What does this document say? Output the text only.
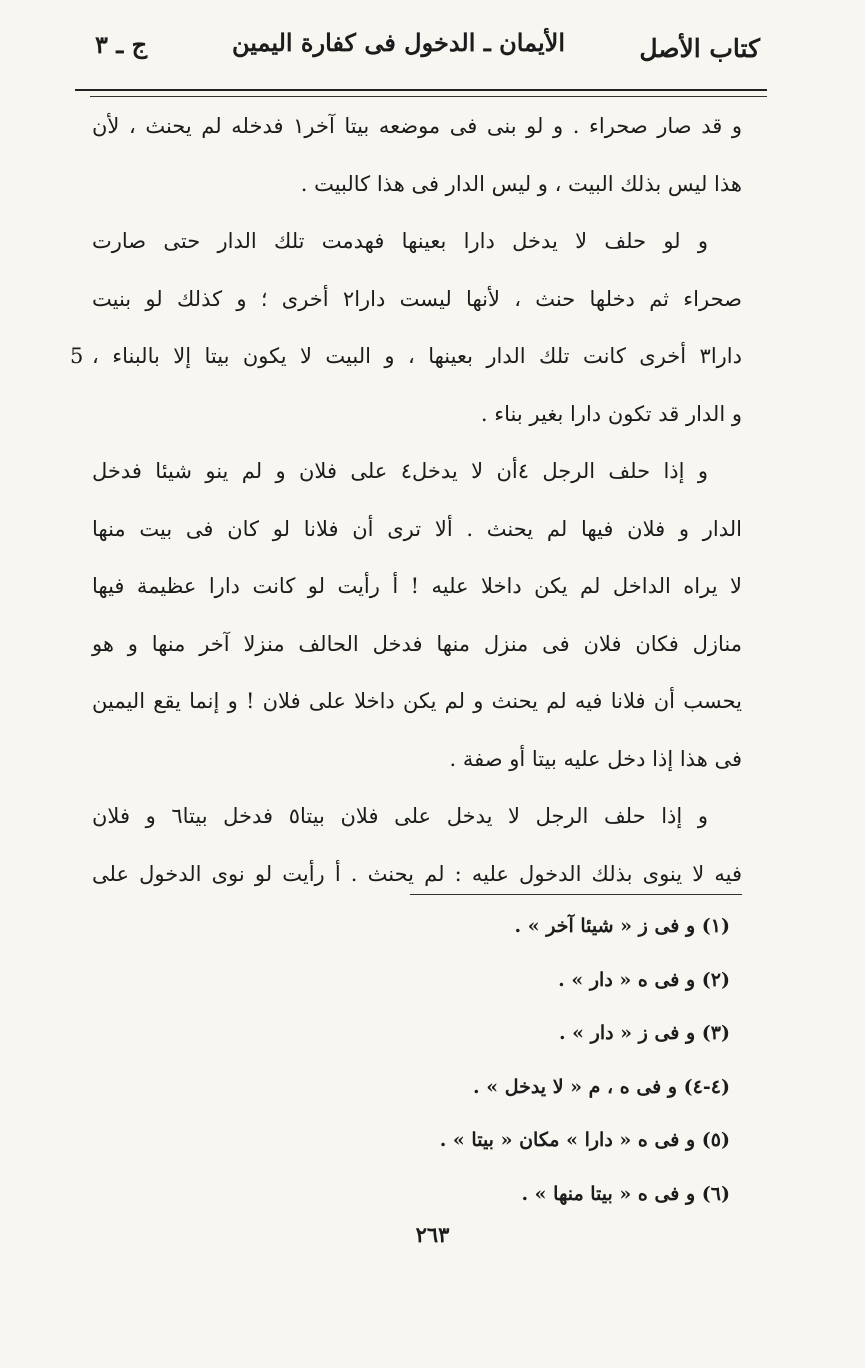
كتاب الأصل
الأيمان ـ الدخول فى كفارة اليمين
ج ـ ٣
و قد صار صحراء . و لو بنى فى موضعه بيتا آخر١ فدخله لم يحنث ، لأن
هذا ليس بذلك البيت ، و ليس الدار فى هذا كالبيت .
و لو حلف لا يدخل دارا بعينها فهدمت تلك الدار حتى صارت
صحراء ثم دخلها حنث ، لأنها ليست دارا٢ أخرى ؛ و كذلك لو بنيت
دارا٣ أخرى كانت تلك الدار بعينها ، و البيت لا يكون بيتا إلا بالبناء ،
5
و الدار قد تكون دارا بغير بناء .
و إذا حلف الرجل ٤أن لا يدخل٤ على فلان و لم ينو شيئا فدخل
الدار و فلان فيها لم يحنث . ألا ترى أن فلانا لو كان فى بيت منها
لا يراه الداخل لم يكن داخلا عليه ! أ رأيت لو كانت دارا عظيمة فيها
منازل فكان فلان فى منزل منها فدخل الحالف منزلا آخر منها و هو
يحسب أن فلانا فيه لم يحنث و لم يكن داخلا على فلان ! و إنما يقع اليمين
فى هذا إذا دخل عليه بيتا أو صفة .
و إذا حلف الرجل لا يدخل على فلان بيتا٥ فدخل بيتا٦ و فلان
فيه لا ينوى بذلك الدخول عليه : لم يحنث . أ رأيت لو نوى الدخول على
(١) و فى ز « شيئا آخر » .
(٢) و فى ه « دار » .
(٣) و فى ز « دار » .
(٤-٤) و فى ه ، م « لا يدخل » .
(٥) و فى ه « دارا » مكان « بيتا » .
(٦) و فى ه « بيتا منها » .
٢٦٣
